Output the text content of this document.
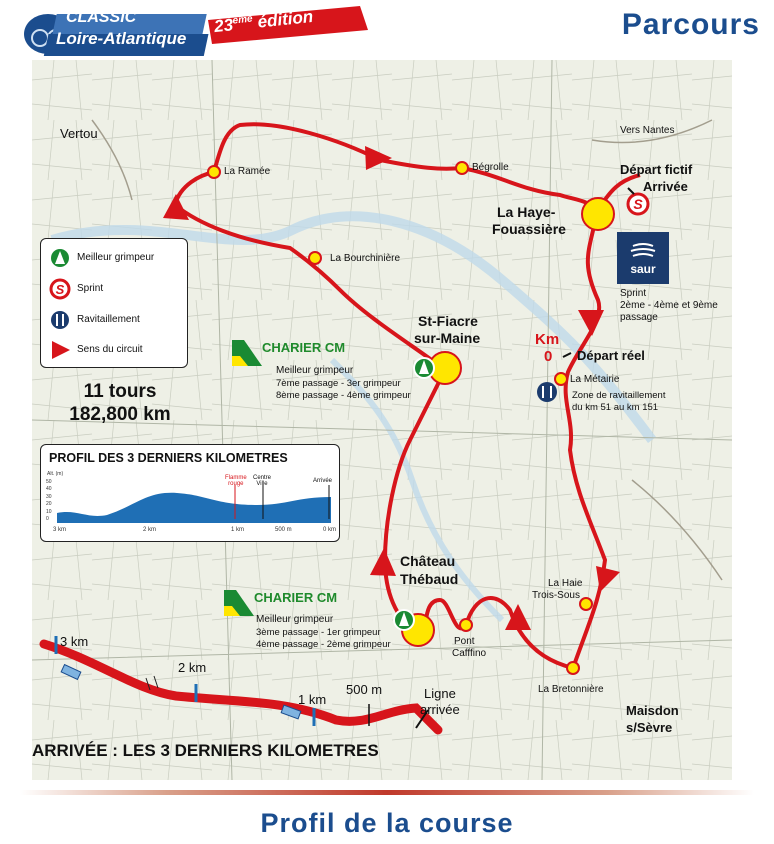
CLASSIC
Loire-Atlantique
23ème édition	Parcours
S
Vertou	Vers Nantes
La Ramée	Bégrolle	Départ fictif
Arrivée
La Haye-
Fouassière
La Bourchinière
St-Fiacre
sur-Maine	Km
0 Départ réel
La Métairie
Zone de ravitaillement
du km 51 au km 151
Château
Thébaud	La Haie
Trois-Sous
Pont
Cafffino
La Bretonnière
Maisdon
s/Sèvre
saur
Sprint
2ème - 4ème et 9ème
passage
CHARIER CM
Meilleur grimpeur
7ème passage - 3er grimpeur
8ème passage - 4ème grimpeur
CHARIER CM
Meilleur grimpeur
3ème passage - 1er grimpeur
4ème passage - 2ème grimpeur
S
Meilleur grimpeur
Sprint
Ravitaillement
Sens du circuit
11 tours
182,800 km
PROFIL DES 3 DERNIERS KILOMETRES
Alt. (m)
50
40
30
20
10
0
Flamme
rouge
Centre
Ville	Arrivée
3 km	2 km	1 km	500 m	0 km
3 km
2 km
1 km
500 m	Ligne
arrivée
ARRIVÉE : LES 3 DERNIERS KILOMETRES
Profil de la course
